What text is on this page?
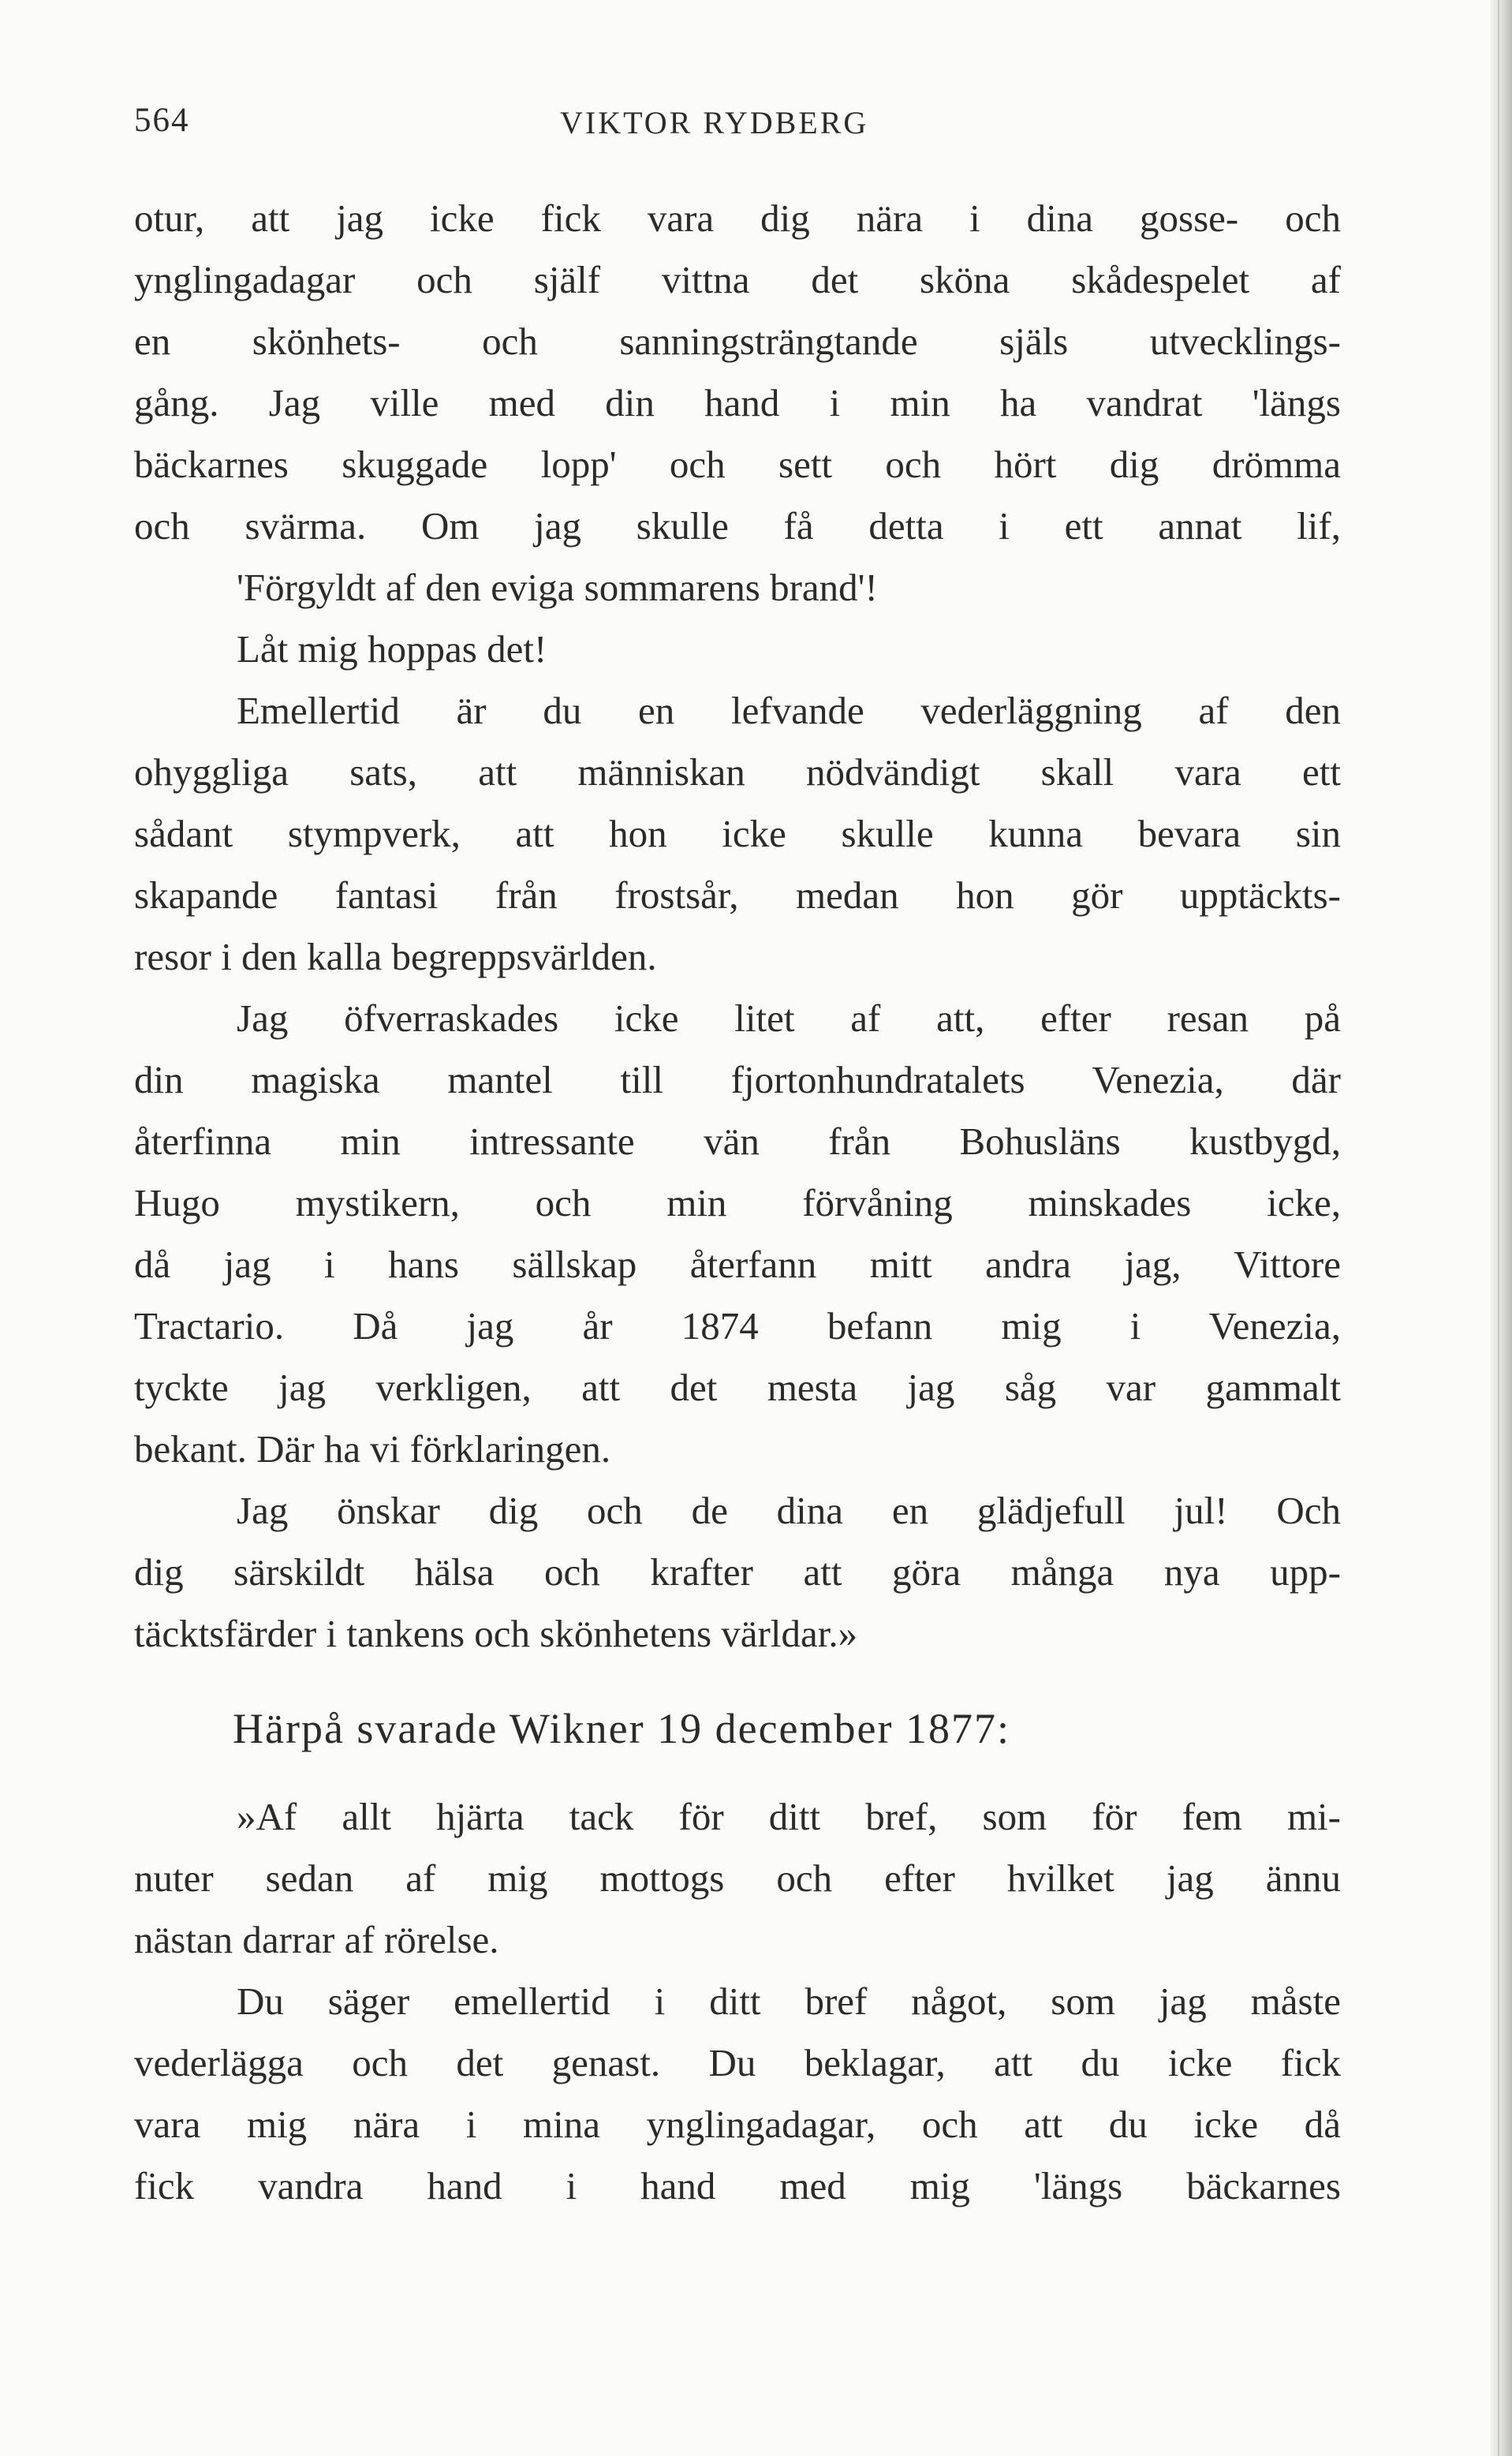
564	VIKTOR RYDBERG
otur, att jag icke fick vara dig nära i dina gosse- och
ynglingadagar och själf vittna det sköna skådespelet af
en skönhets- och sanningsträngtande själs utvecklings-
gång. Jag ville med din hand i min ha vandrat 'längs
bäckarnes skuggade lopp' och sett och hört dig drömma
och svärma. Om jag skulle få detta i ett annat lif,
'Förgyldt af den eviga sommarens brand'!
Låt mig hoppas det!
Emellertid är du en lefvande vederläggning af den
ohyggliga sats, att människan nödvändigt skall vara ett
sådant stympverk, att hon icke skulle kunna bevara sin
skapande fantasi från frostsår, medan hon gör upptäckts-
resor i den kalla begreppsvärlden.
Jag öfverraskades icke litet af att, efter resan på
din magiska mantel till fjortonhundratalets Venezia, där
återfinna min intressante vän från Bohusläns kustbygd,
Hugo mystikern, och min förvåning minskades icke,
då jag i hans sällskap återfann mitt andra jag, Vittore
Tractario. Då jag år 1874 befann mig i Venezia,
tyckte jag verkligen, att det mesta jag såg var gammalt
bekant. Där ha vi förklaringen.
Jag önskar dig och de dina en glädjefull jul! Och
dig särskildt hälsa och krafter att göra många nya upp-
täcktsfärder i tankens och skönhetens världar.»
Härpå svarade Wikner 19 december 1877:
»Af allt hjärta tack för ditt bref, som för fem mi-
nuter sedan af mig mottogs och efter hvilket jag ännu
nästan darrar af rörelse.
Du säger emellertid i ditt bref något, som jag måste
vederlägga och det genast. Du beklagar, att du icke fick
vara mig nära i mina ynglingadagar, och att du icke då
fick vandra hand i hand med mig 'längs bäckarnes
